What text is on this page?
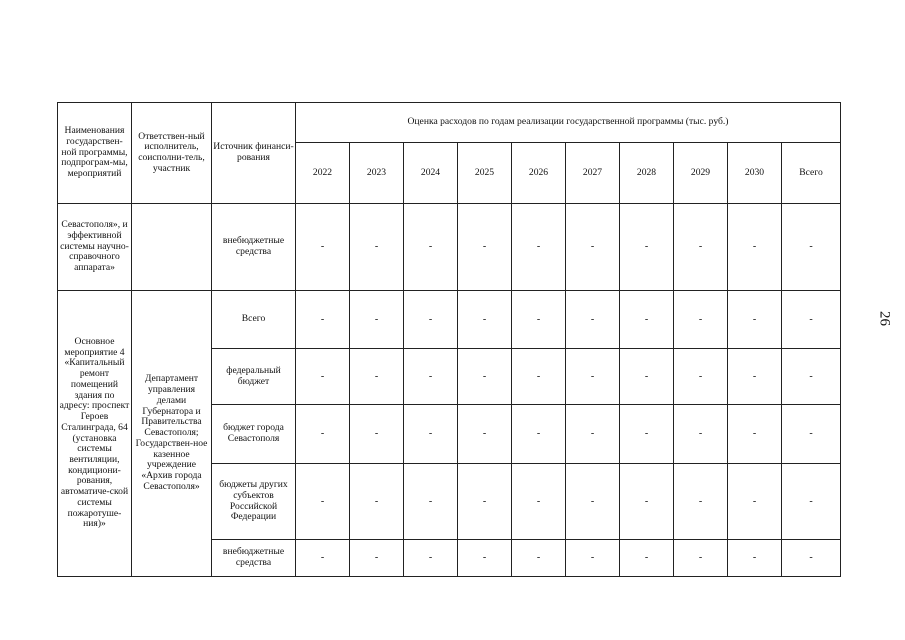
Наименования государствен-ной программы, подпрограм-мы, мероприятий	Ответствен-ный исполнитель, соисполни-тель, участник	Источник финанси-рования	Оценка расходов по годам реализации государственной программы (тыс. руб.)									
			2022	2023	2024	2025	2026	2027	2028	2029	2030	Всего
Севастополя», и эффективной системы научно-справочного аппарата»		внебюджетные средства	-	-	-	-	-	-	-	-	-	-
Основное мероприятие 4 «Капитальный ремонт помещений здания по адресу: проспект Героев Сталинграда, 64 (установка системы вентиляции, кондициони-рования, автоматиче-ской системы пожаротуше-ния)»	Департамент управления делами Губернатора и Правительства Севастополя; Государствен-ное казенное учреждение «Архив города Севастополя»	Всего	-	-	-	-	-	-	-	-	-	-
		федеральный бюджет	-	-	-	-	-	-	-	-	-	-
		бюджет города Севастополя	-	-	-	-	-	-	-	-	-	-
		бюджеты других субъектов Российской Федерации	-	-	-	-	-	-	-	-	-	-
		внебюджетные средства	-	-	-	-	-	-	-	-	-	-
26
